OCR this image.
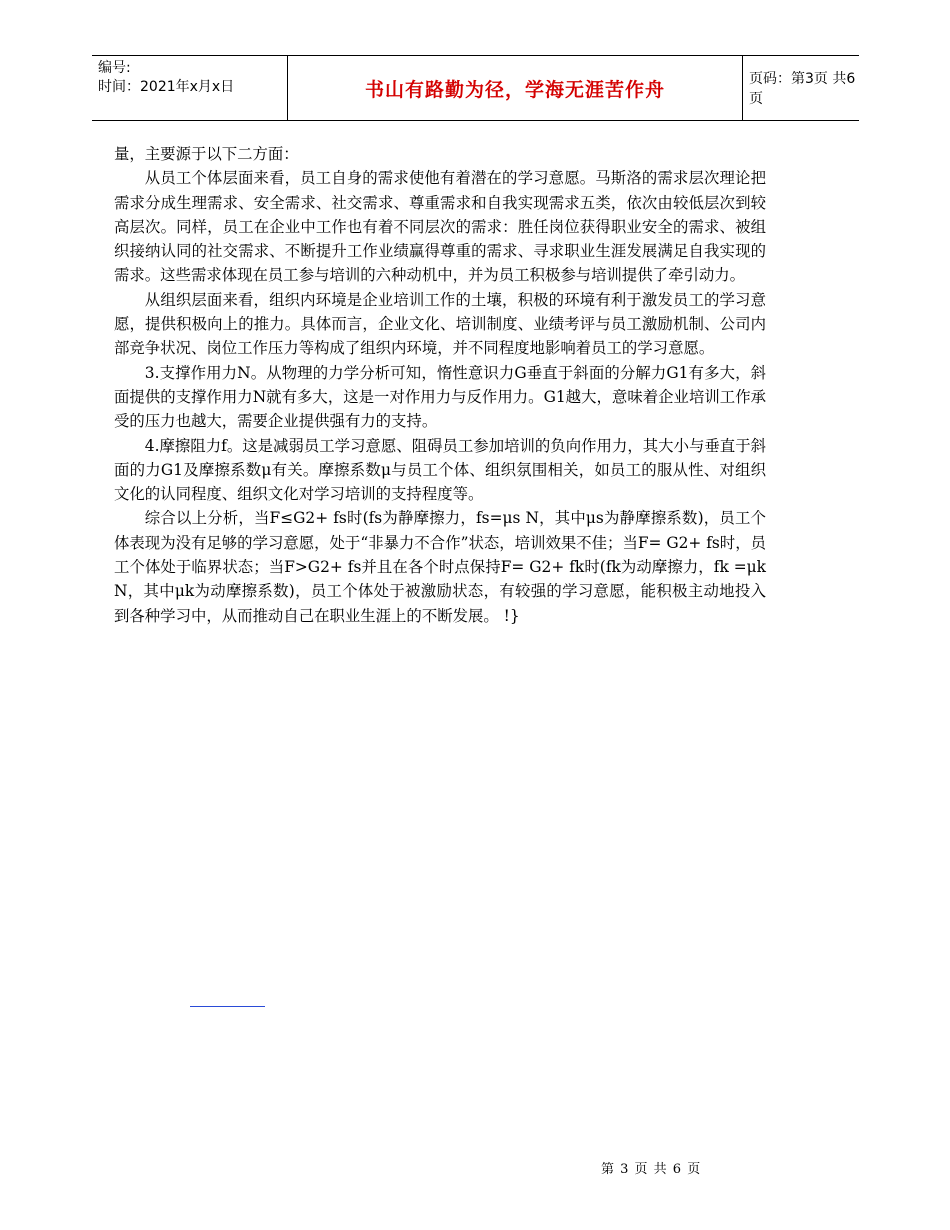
编号:
时间：2021年x月x日	书山有路勤为径，学海无涯苦作舟	页码：第3页 共6页

量，主要源于以下二方面：

从员工个体层面来看，员工自身的需求使他有着潜在的学习意愿。马斯洛的需求层次理论把需求分成生理需求、安全需求、社交需求、尊重需求和自我实现需求五类，依次由较低层次到较高层次。同样，员工在企业中工作也有着不同层次的需求：胜任岗位获得职业安全的需求、被组织接纳认同的社交需求、不断提升工作业绩赢得尊重的需求、寻求职业生涯发展满足自我实现的需求。这些需求体现在员工参与培训的六种动机中，并为员工积极参与培训提供了牵引动力。

从组织层面来看，组织内环境是企业培训工作的土壤，积极的环境有利于激发员工的学习意愿，提供积极向上的推力。具体而言，企业文化、培训制度、业绩考评与员工激励机制、公司内部竞争状况、岗位工作压力等构成了组织内环境，并不同程度地影响着员工的学习意愿。

3.支撑作用力N。从物理的力学分析可知，惰性意识力G垂直于斜面的分解力G1有多大，斜面提供的支撑作用力N就有多大，这是一对作用力与反作用力。G1越大，意味着企业培训工作承受的压力也越大，需要企业提供强有力的支持。

4.摩擦阻力f。这是减弱员工学习意愿、阻碍员工参加培训的负向作用力，其大小与垂直于斜面的力G1及摩擦系数μ有关。摩擦系数μ与员工个体、组织氛围相关，如员工的服从性、对组织文化的认同程度、组织文化对学习培训的支持程度等。

综合以上分析，当F≤G2+ fs时(fs为静摩擦力，fs=μs N，其中μs为静摩擦系数)，员工个体表现为没有足够的学习意愿，处于“非暴力不合作”状态，培训效果不佳；当F= G2+ fs时，员工个体处于临界状态；当F>G2+ fs并且在各个时点保持F= G2+ fk时(fk为动摩擦力，fk =μk N，其中μk为动摩擦系数)，员工个体处于被激励状态，有较强的学习意愿，能积极主动地投入到各种学习中，从而推动自己在职业生涯上的不断发展。 !}

第 3 页 共 6 页
